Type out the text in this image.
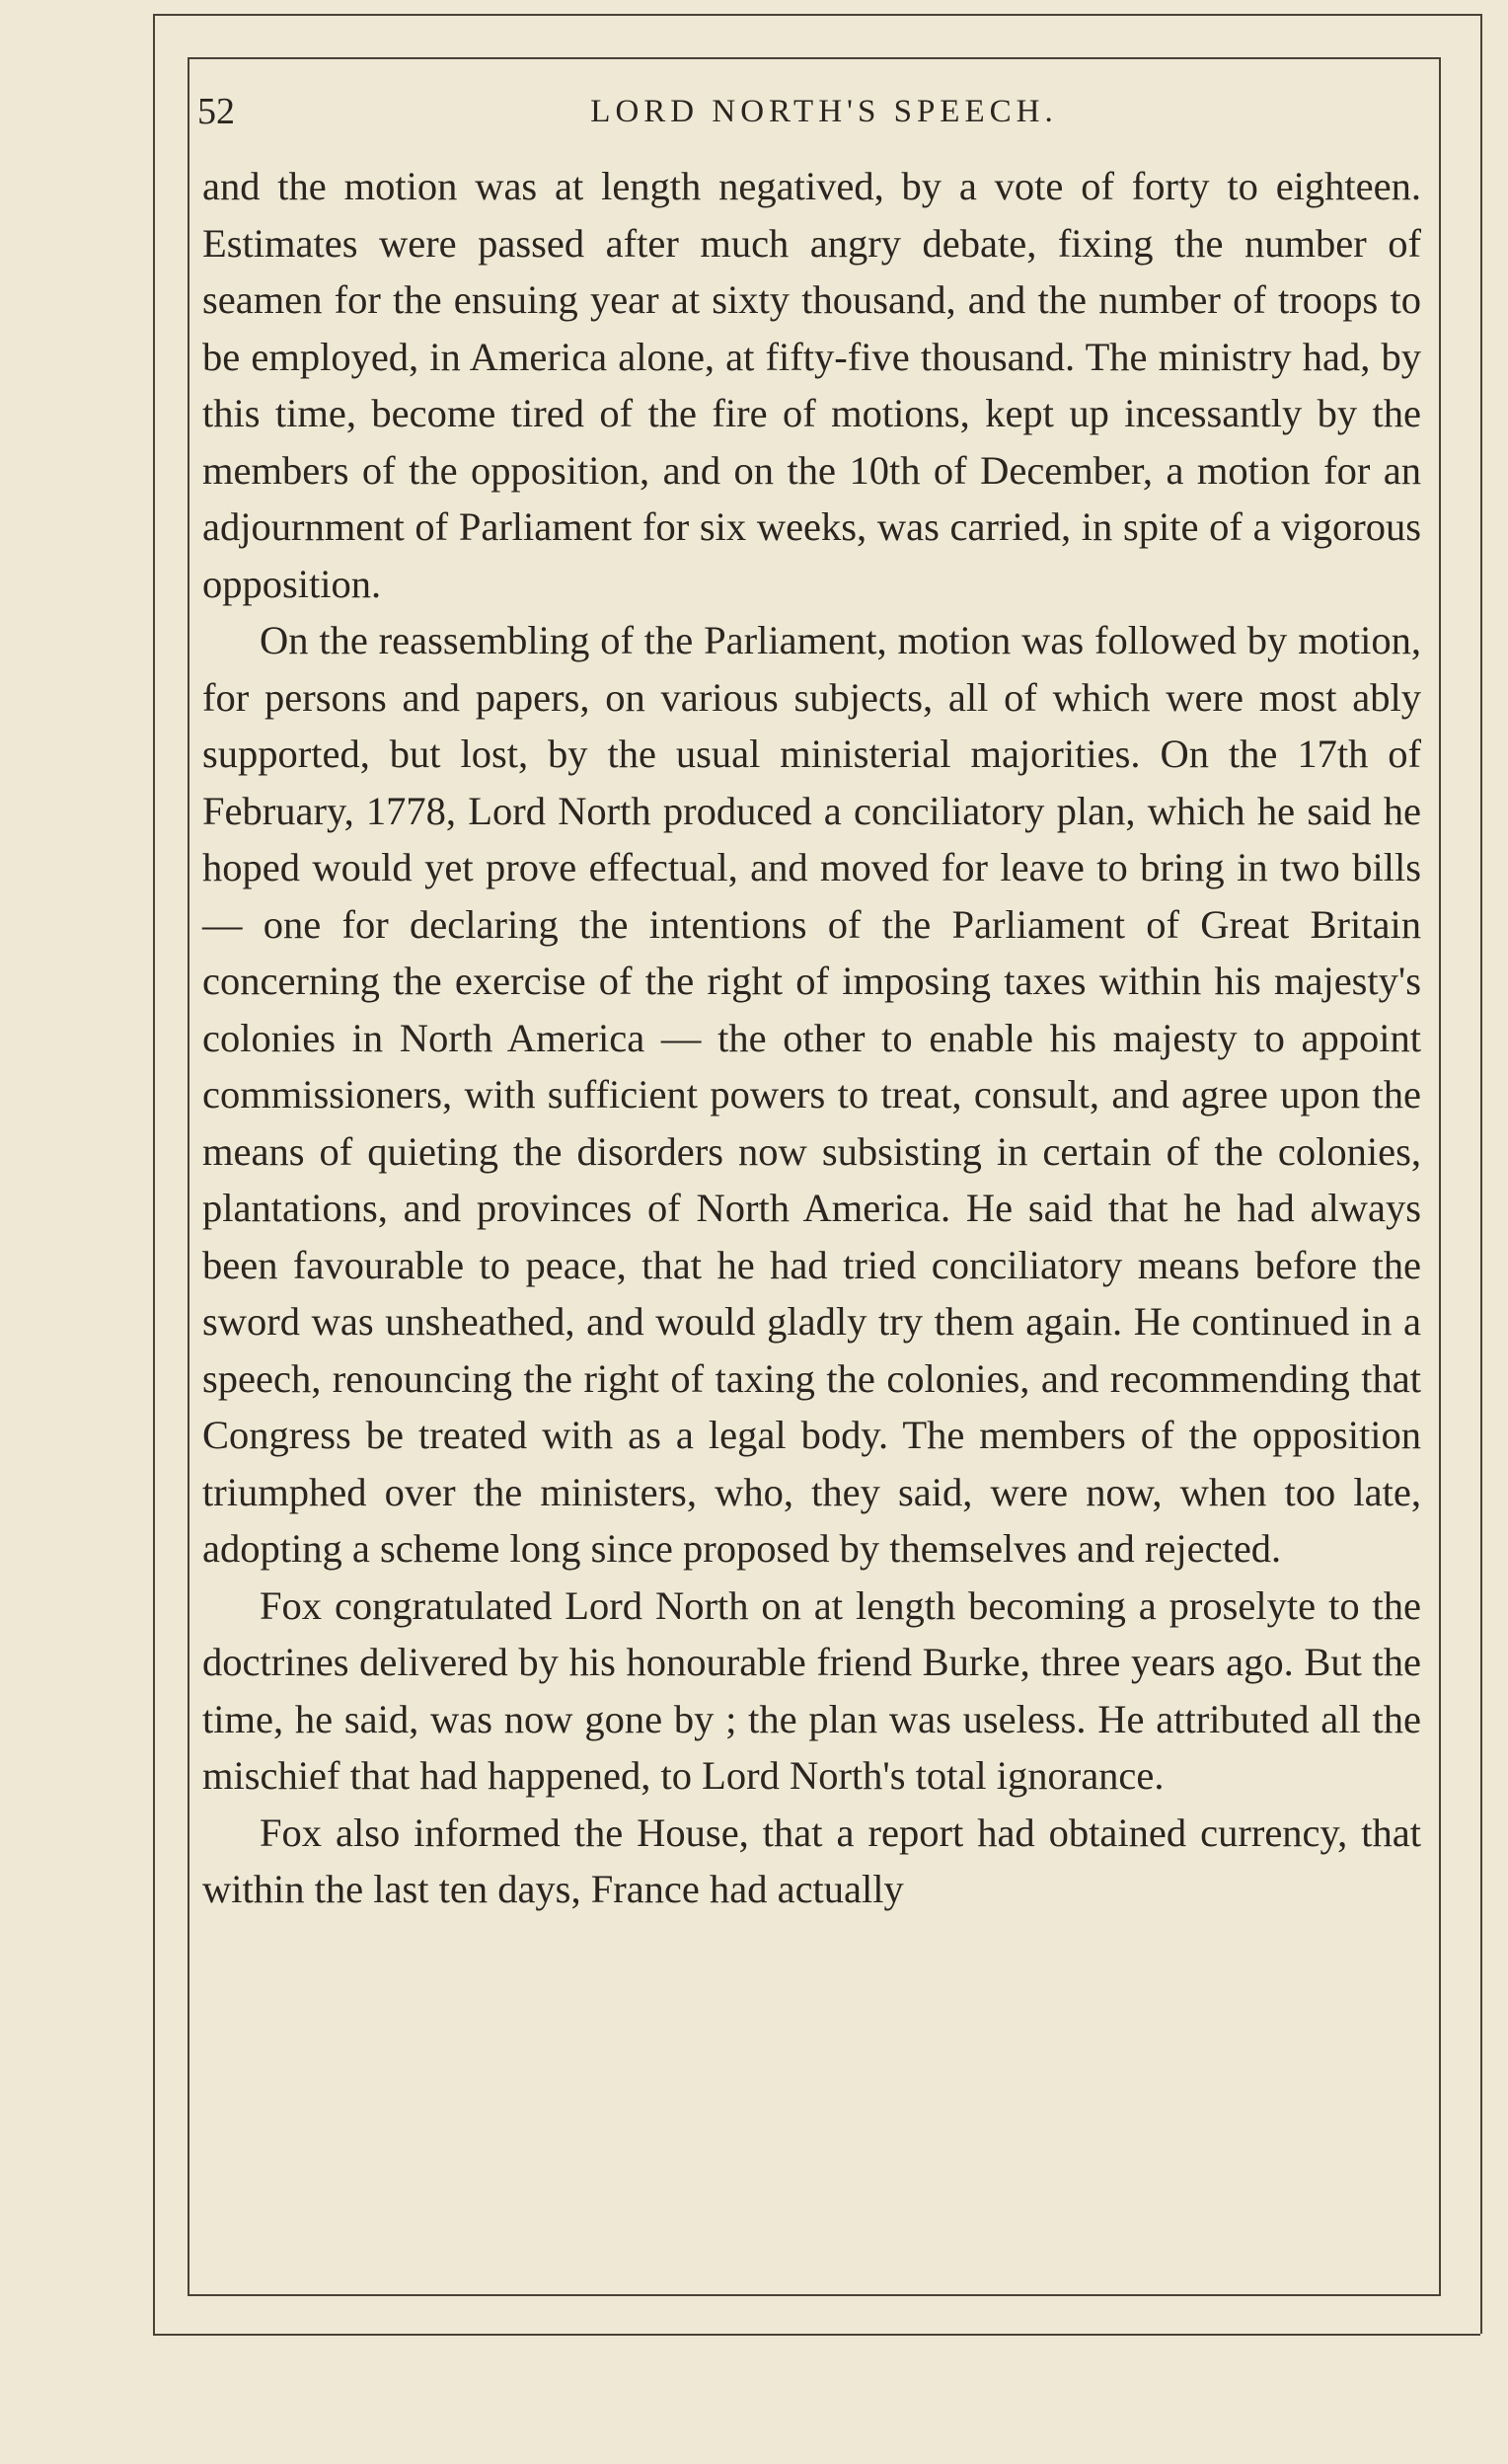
52	LORD NORTH'S SPEECH.

and the motion was at length negatived, by a vote of forty to eighteen. Estimates were passed after much angry debate, fixing the number of seamen for the ensuing year at sixty thousand, and the number of troops to be employed, in America alone, at fifty-five thousand. The ministry had, by this time, become tired of the fire of motions, kept up incessantly by the members of the opposition, and on the 10th of December, a motion for an adjournment of Parliament for six weeks, was carried, in spite of a vigorous opposition.

On the reassembling of the Parliament, motion was followed by motion, for persons and papers, on various subjects, all of which were most ably supported, but lost, by the usual ministerial majorities. On the 17th of February, 1778, Lord North produced a conciliatory plan, which he said he hoped would yet prove effectual, and moved for leave to bring in two bills — one for declaring the intentions of the Parliament of Great Britain concerning the exercise of the right of imposing taxes within his majesty's colonies in North America — the other to enable his majesty to appoint commissioners, with sufficient powers to treat, consult, and agree upon the means of quieting the disorders now subsisting in certain of the colonies, plantations, and provinces of North America. He said that he had always been favourable to peace, that he had tried conciliatory means before the sword was unsheathed, and would gladly try them again. He continued in a speech, renouncing the right of taxing the colonies, and recommending that Congress be treated with as a legal body. The members of the opposition triumphed over the ministers, who, they said, were now, when too late, adopting a scheme long since proposed by themselves and rejected.

Fox congratulated Lord North on at length becoming a proselyte to the doctrines delivered by his honourable friend Burke, three years ago. But the time, he said, was now gone by ; the plan was useless. He attributed all the mischief that had happened, to Lord North's total ignorance.

Fox also informed the House, that a report had obtained currency, that within the last ten days, France had actually
